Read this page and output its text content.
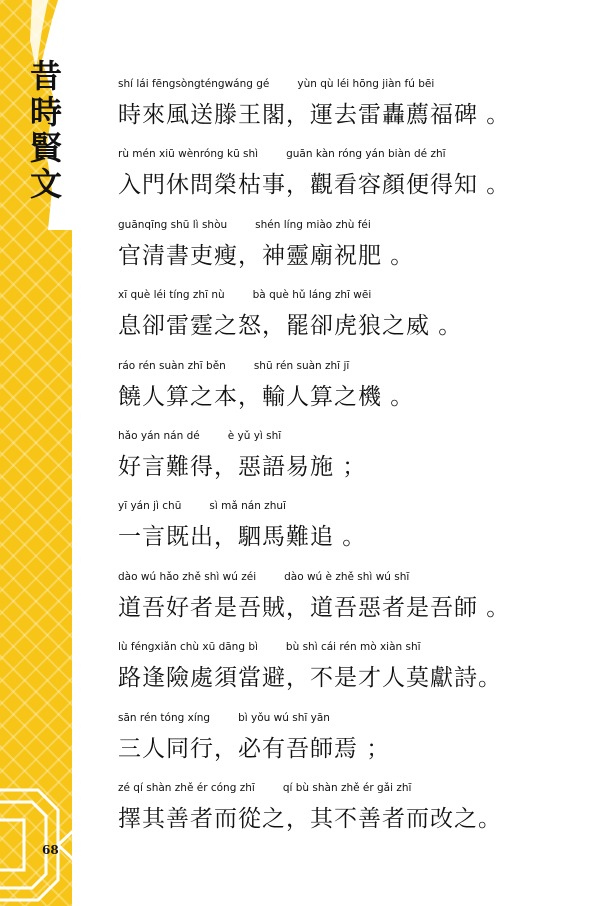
昔
時
賢
文
68
shí lái fēngsòngténgwáng gé	yùn qù léi hōng jiàn fú bēi
時來風送滕王閣，運去雷轟薦福碑 。
rù mén xiū wènróng kū shì	guān kàn róng yán biàn dé zhī
入門休問榮枯事，觀看容顏便得知 。
guānqīng shū lì shòu	shén líng miào zhù féi
官清書吏瘦，神靈廟祝肥 。
xī què léi tíng zhī nù	bà què hǔ láng zhī wēi
息卻雷霆之怒，罷卻虎狼之威 。
ráo rén suàn zhī běn	shū rén suàn zhī jī
饒人算之本，輸人算之機 。
hǎo yán nán dé	è yǔ yì shī
好言難得，惡語易施 ；
yī yán jì chū	sì mǎ nán zhuī
一言既出，駟馬難追 。
dào wú hǎo zhě shì wú zéi	dào wú è zhě shì wú shī
道吾好者是吾賊，道吾惡者是吾師 。
lù féngxiǎn chù xū dāng bì	bù shì cái rén mò xiàn shī
路逢險處須當避，不是才人莫獻詩。
sān rén tóng xíng	bì yǒu wú shī yān
三人同行，必有吾師焉 ；
zé qí shàn zhě ér cóng zhī	qí bù shàn zhě ér gǎi zhī
擇其善者而從之，其不善者而改之。
